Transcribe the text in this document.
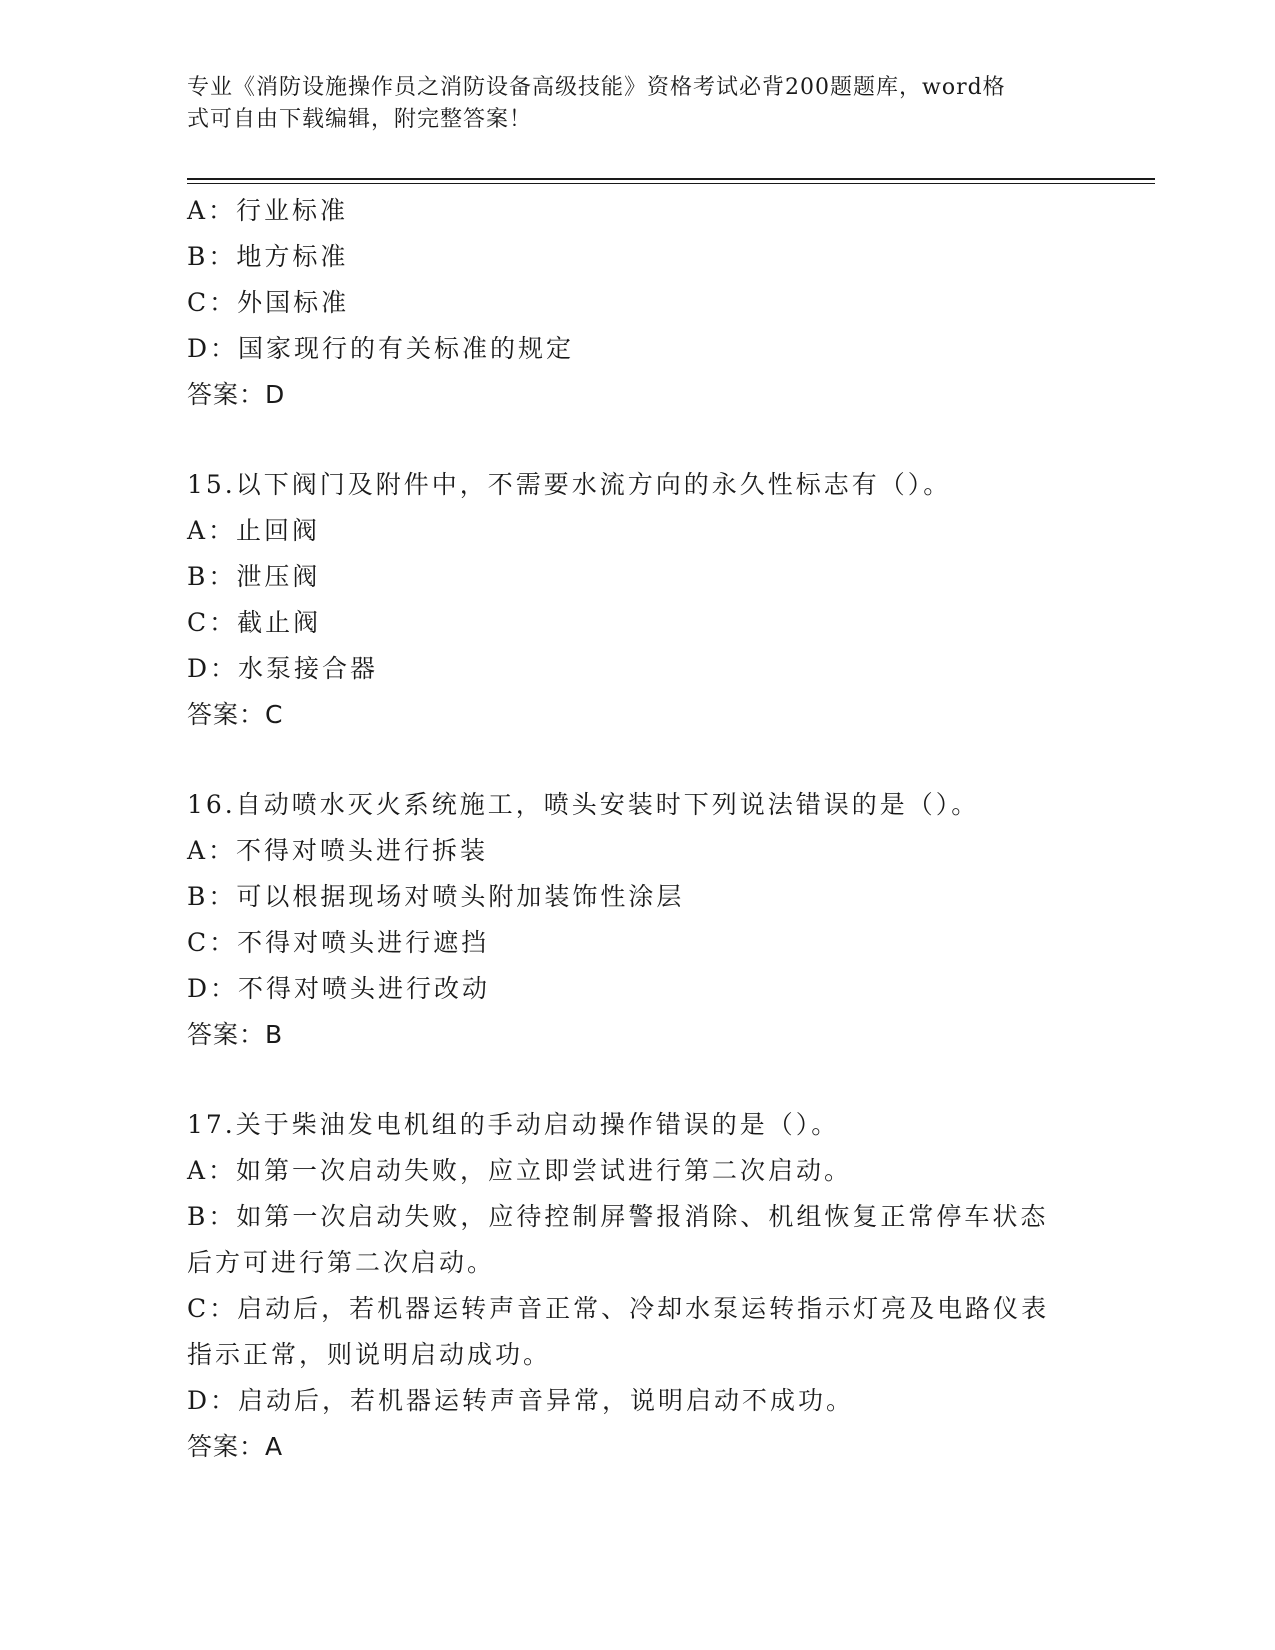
专业《消防设施操作员之消防设备高级技能》资格考试必背200题题库，word格
式可自由下载编辑，附完整答案！
A：行业标准
B：地方标准
C：外国标准
D：国家现行的有关标准的规定
答案：D
15.以下阀门及附件中，不需要水流方向的永久性标志有（）。
A：止回阀
B：泄压阀
C：截止阀
D：水泵接合器
答案：C
16.自动喷水灭火系统施工，喷头安装时下列说法错误的是（）。
A：不得对喷头进行拆装
B：可以根据现场对喷头附加装饰性涂层
C：不得对喷头进行遮挡
D：不得对喷头进行改动
答案：B
17.关于柴油发电机组的手动启动操作错误的是（）。
A：如第一次启动失败，应立即尝试进行第二次启动。
B：如第一次启动失败，应待控制屏警报消除、机组恢复正常停车状态
后方可进行第二次启动。
C：启动后，若机器运转声音正常、冷却水泵运转指示灯亮及电路仪表
指示正常，则说明启动成功。
D：启动后，若机器运转声音异常，说明启动不成功。
答案：A
